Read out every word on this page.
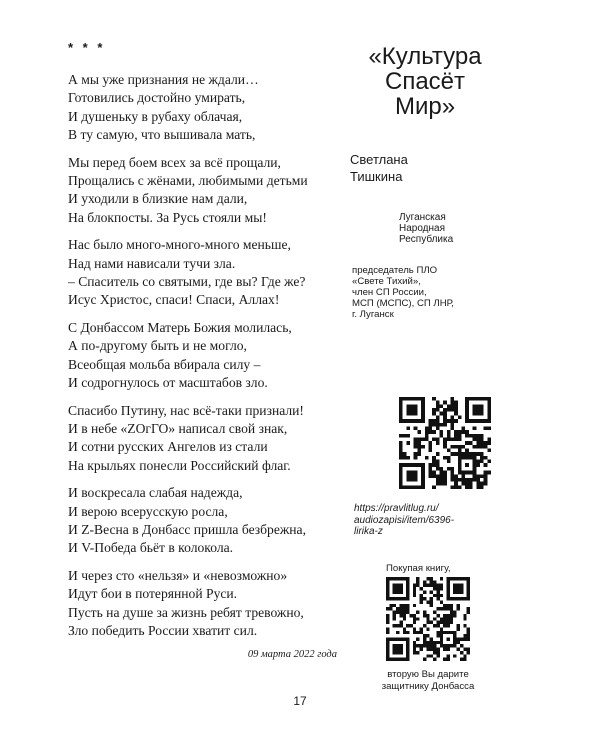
* * *
А мы уже признания не ждали…
Готовились достойно умирать,
И душеньку в рубаху облачая,
В ту самую, что вышивала мать,
Мы перед боем всех за всё прощали,
Прощались с жёнами, любимыми детьми
И уходили в близкие нам дали,
На блокпосты. За Русь стояли мы!
Нас было много-много-много меньше,
Над нами нависали тучи зла.
– Спаситель со святыми, где вы? Где же?
Исус Христос, спаси! Спаси, Аллах!
С Донбассом Матерь Божия молилась,
А по-другому быть и не могло,
Всеобщая мольба вбирала силу –
И содрогнулось от масштабов зло.
Спасибо Путину, нас всё-таки признали!
И в небе «ZОгГО» написал свой знак,
И сотни русских Ангелов из стали
На крыльях понесли Российский флаг.
И воскресала слабая надежда,
И верою всерусскую росла,
И Z-Весна в Донбасс пришла безбрежна,
И V-Победа бьёт в колокола.
И через сто «нельзя» и «невозможно»
Идут бои в потерянной Руси.
Пусть на душе за жизнь ребят тревожно,
Зло победить России хватит сил.
09 марта 2022 года
«Культура
Спасёт
Мир»
Светлана
Тишкина
Луганская
Народная
Республика
председатель ПЛО
«Свете Тихий»,
член СП России,
МСП (МСПС), СП ЛНР,
г. Луганск
https://pravlitlug.ru/
audiozapisi/item/6396-
lirika-z
Покупая книгу,
вторую Вы дарите
защитнику Донбасса
17
